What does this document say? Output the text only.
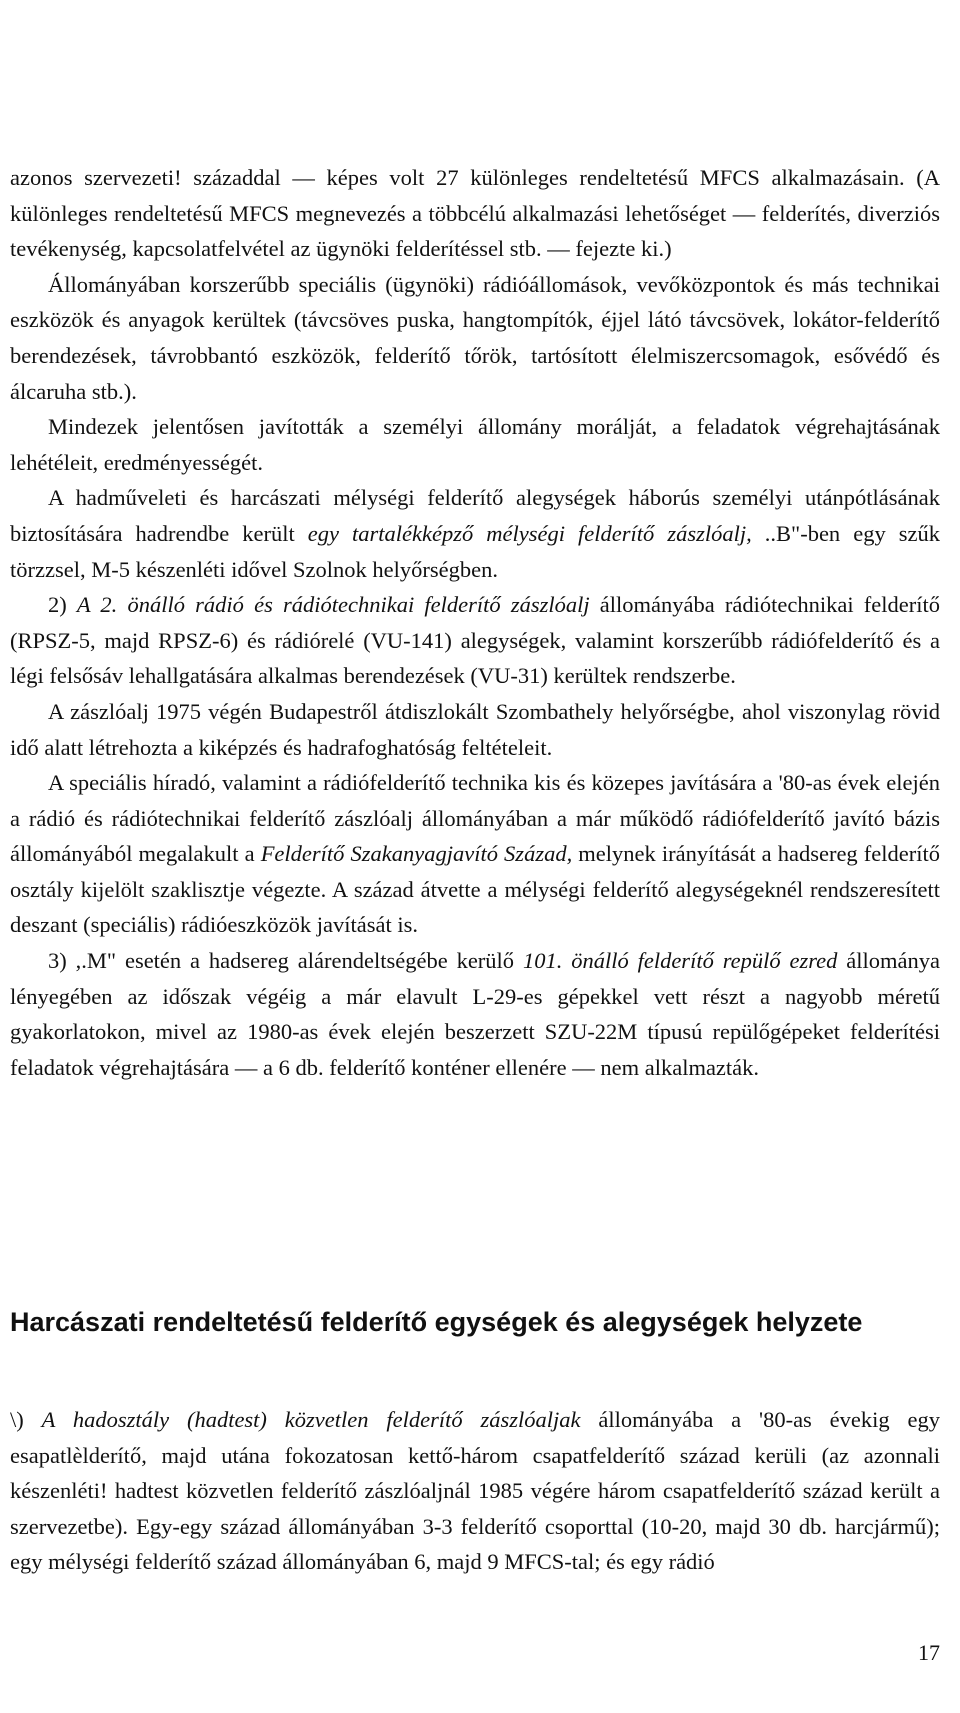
azonos szervezeti! századdal — képes volt 27 különleges rendeltetésű MFCS alkalmazásain. (A különleges rendeltetésű MFCS megnevezés a többcélú alkalmazási lehetőséget — felderítés, diverziós tevékenység, kapcsolatfelvétel az ügynöki felderítéssel stb. — fejezte ki.)

Állományában korszerűbb speciális (ügynöki) rádióállomások, vevőközpontok és más technikai eszközök és anyagok kerültek (távcsöves puska, hangtompítók, éjjel látó távcsövek, lokátor-felderítő berendezések, távrobbantó eszközök, felderítő tőrök, tartósított élelmiszercsomagok, esővédő és álcaruha stb.).

Mindezek jelentősen javították a személyi állomány morálját, a feladatok végrehajtásának lehétéleit, eredményességét.

A hadműveleti és harcászati mélységi felderítő alegységek háborús személyi utánpótlásának biztosítására hadrendbe került egy tartalékképző mélységi felderítő zászlóalj, ..B"-ben egy szűk törzzsel, M-5 készenléti idővel Szolnok helyőrségben.

2) A 2. önálló rádió és rádiótechnikai felderítő zászlóalj állományába rádiótechnikai felderítő (RPSZ-5, majd RPSZ-6) és rádiórelé (VU-141) alegységek, valamint korszerűbb rádiófelderítő és a légi felsősáv lehallgatására alkalmas berendezések (VU-31) kerültek rendszerbe.

A zászlóalj 1975 végén Budapestről átdiszlokált Szombathely helyőrségbe, ahol viszonylag rövid idő alatt létrehozta a kiképzés és hadrafoghatóság feltételeit.

A speciális híradó, valamint a rádiófelderítő technika kis és közepes javítására a '80-as évek elején a rádió és rádiótechnikai felderítő zászlóalj állományában a már működő rádiófelderítő javító bázis állományából megalakult a Felderítő Szakanyagjavító Század, melynek irányítását a hadsereg felderítő osztály kijelölt szaklisztje végezte. A század átvette a mélységi felderítő alegységeknél rendszeresített deszant (speciális) rádióeszközök javítását is.

3) ,.M" esetén a hadsereg alárendeltségébe kerülő 101. önálló felderítő repülő ezred állománya lényegében az időszak végéig a már elavult L-29-es gépekkel vett részt a nagyobb méretű gyakorlatokon, mivel az 1980-as évek elején beszerzett SZU-22M típusú repülőgépeket felderítési feladatok végrehajtására — a 6 db. felderítő konténer ellenére — nem alkalmazták.

Harcászati rendeltetésű felderítő egységek és alegységek helyzete

\) A hadosztály (hadtest) közvetlen felderítő zászlóaljak állományába a '80-as évekig egy esapatlèlderítő, majd utána fokozatosan kettő-három csapatfelderítő század kerüli (az azonnali készenléti! hadtest közvetlen felderítő zászlóaljnál 1985 végére három csapatfelderítő század került a szervezetbe). Egy-egy század állományában 3-3 felderítő csoporttal (10-20, majd 30 db. harcjármű); egy mélységi felderítő század állományában 6, majd 9 MFCS-tal; és egy rádió

17
